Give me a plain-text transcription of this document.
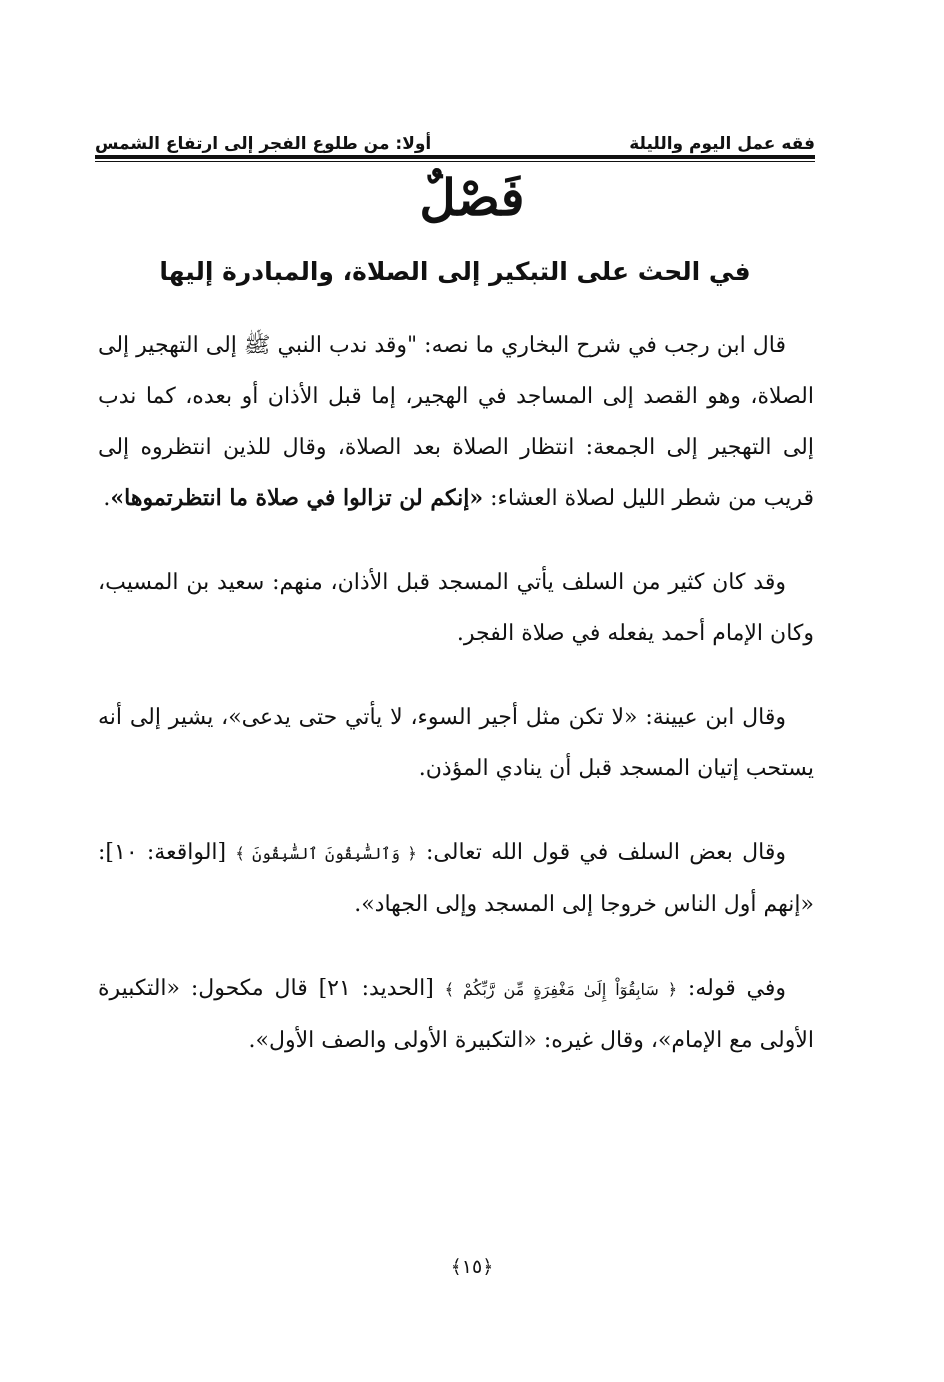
فقه عمل اليوم والليلة
أولا: من طلوع الفجر إلى ارتفاع الشمس
فَصْلٌ
في الحث على التبكير إلى الصلاة، والمبادرة إليها

قال ابن رجب في شرح البخاري ما نصه: "وقد ندب النبي ﷺ إلى التهجير إلى الصلاة، وهو القصد إلى المساجد في الهجير، إما قبل الأذان أو بعده، كما ندب إلى التهجير إلى الجمعة: انتظار الصلاة بعد الصلاة، وقال للذين انتظروه إلى قريب من شطر الليل لصلاة العشاء: «إنكم لن تزالوا في صلاة ما انتظرتموها».

وقد كان كثير من السلف يأتي المسجد قبل الأذان، منهم: سعيد بن المسيب، وكان الإمام أحمد يفعله في صلاة الفجر.

وقال ابن عيينة: «لا تكن مثل أجير السوء، لا يأتي حتى يدعى»، يشير إلى أنه يستحب إتيان المسجد قبل أن ينادي المؤذن.

وقال بعض السلف في قول الله تعالى: ﴿ وَٱلسَّٰبِقُونَ ٱلسَّٰبِقُونَ ﴾ [الواقعة: ١٠]: «إنهم أول الناس خروجا إلى المسجد وإلى الجهاد».

وفي قوله: ﴿ سَابِقُوٓاْ إِلَىٰ مَغْفِرَةٍ مِّن رَّبِّكُمْ ﴾ [الحديد: ٢١] قال مكحول: «التكبيرة الأولى مع الإمام»، وقال غيره: «التكبيرة الأولى والصف الأول».

﴿١٥﴾
